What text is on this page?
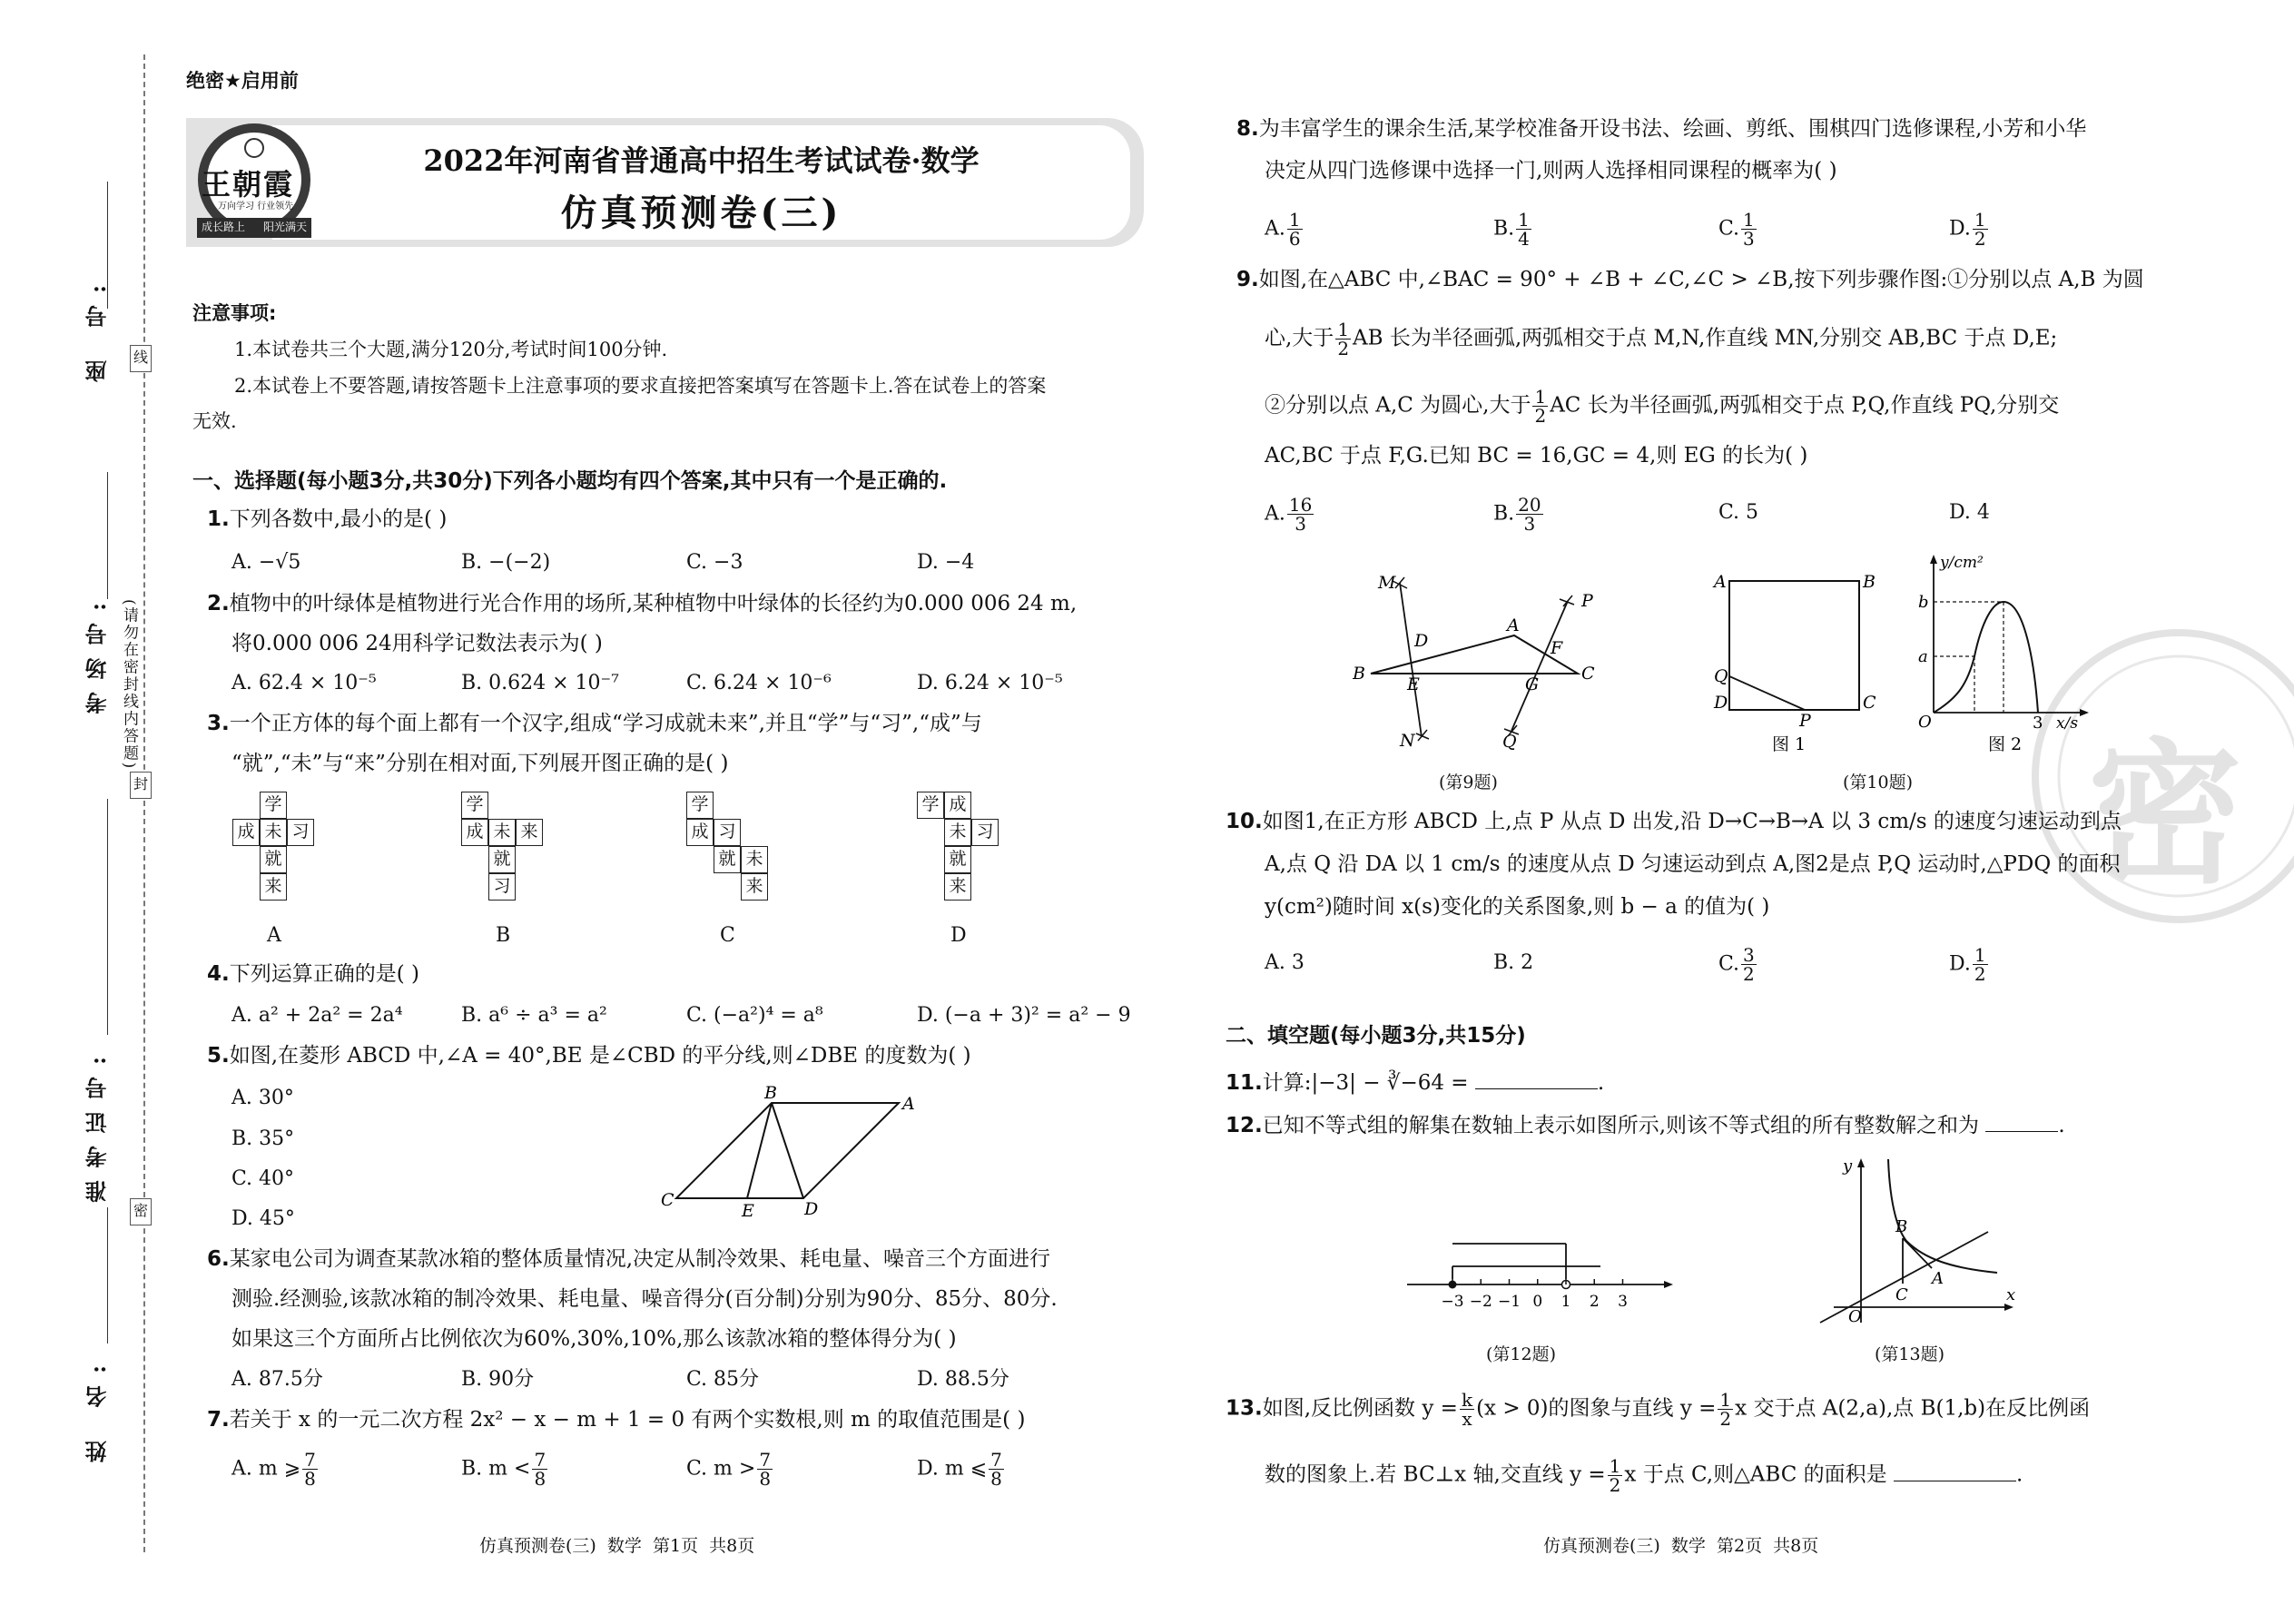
座 号: 线
考场号: (请勿在密封线内答题)
封
准考证号:
密
姓 名:
绝密★启用前
王朝霞
万向学习 行业领先
成长路上 阳光满天
2022年河南省普通高中招生考试试卷·数学
仿真预测卷(三)
注意事项:
1.本试卷共三个大题,满分120分,考试时间100分钟.
2.本试卷上不要答题,请按答题卡上注意事项的要求直接把答案填写在答题卡上.答在试卷上的答案
无效.
一、选择题(每小题3分,共30分)下列各小题均有四个答案,其中只有一个是正确的.
1.下列各数中,最小的是( )
A. −√5	B. −(−2)	C. −3	D. −4
2.植物中的叶绿体是植物进行光合作用的场所,某种植物中叶绿体的长径约为0.000 006 24 m,
将0.000 006 24用科学记数法表示为( )
A. 62.4 × 10⁻⁵	B. 0.624 × 10⁻⁷	C. 6.24 × 10⁻⁶	D. 6.24 × 10⁻⁵
3.一个正方体的每个面上都有一个汉字,组成“学习成就未来”,并且“学”与“习”,“成”与
“就”,“未”与“来”分别在相对面,下列展开图正确的是( )
学
成 未 习
就
来
学
成 未 来
就
习
学
成 习
就 未
来
学 成
未 习
就
来
A	B	C	D
4.下列运算正确的是( )
A. a² + 2a² = 2a⁴	B. a⁶ ÷ a³ = a²	C. (−a²)⁴ = a⁸	D. (−a + 3)² = a² − 9
5.如图,在菱形 ABCD 中,∠A = 40°,BE 是∠CBD 的平分线,则∠DBE 的度数为( )
A. 30°
B. 35°
C. 40°
D. 45°
B
A
C
E	D
6.某家电公司为调查某款冰箱的整体质量情况,决定从制冷效果、耗电量、噪音三个方面进行
测验.经测验,该款冰箱的制冷效果、耗电量、噪音得分(百分制)分别为90分、85分、80分.
如果这三个方面所占比例依次为60%,30%,10%,那么该款冰箱的整体得分为( )
A. 87.5分	B. 90分	C. 85分	D. 88.5分
7.若关于 x 的一元二次方程 2x² − x − m + 1 = 0 有两个实数根,则 m 的取值范围是( )
A. m ⩾ $\frac{7}{8}$	B. $m < \frac{7}{8}$	C. $m > \frac{7}{8}$	D. m ⩽ $\frac{7}{8}$
仿真预测卷(三)  数学  第1页  共8页
密
8.为丰富学生的课余生活,某学校准备开设书法、绘画、剪纸、围棋四门选修课程,小芳和小华
决定从四门选修课中选择一门,则两人选择相同课程的概率为( )
A. $\frac{1}{6}$	B. $\frac{1}{4}$	C. $\frac{1}{3}$	D. $\frac{1}{2}$
9.如图,在△ABC 中,∠BAC = 90° + ∠B + ∠C,∠C > ∠B,按下列步骤作图:①分别以点 A,B 为圆
心,大于 $\frac{1}{2}$ AB 长为半径画弧,两弧相交于点 M,N,作直线 MN,分别交 AB,BC 于点 D,E;
②分别以点 A,C 为圆心,大于 $\frac{1}{2}$ AC 长为半径画弧,两弧相交于点 P,Q,作直线 PQ,分别交
AC,BC 于点 F,G.已知 BC = 16,GC = 4,则 EG 的长为( )
A. $\frac{16}{3}$	B. $\frac{20}{3}$	C. 5	D. 4
M
N
P
Q
A
B	C
D
E
F
G
(第9题)
A	B
C
D
Q
P
图 1
y/cm²
b
a
O	3 x/s
图 2
(第10题)
10.如图1,在正方形 ABCD 上,点 P 从点 D 出发,沿 D→C→B→A 以 3 cm/s 的速度匀速运动到点
A,点 Q 沿 DA 以 1 cm/s 的速度从点 D 匀速运动到点 A,图2是点 P,Q 运动时,△PDQ 的面积
y(cm²)随时间 x(s)变化的关系图象,则 b − a 的值为( )
A. 3	B. 2	C. $\frac{3}{2}$	D. $\frac{1}{2}$
二、填空题(每小题3分,共15分)
11.计算:|−3| − ∛−64 =	.
12.已知不等式组的解集在数轴上表示如图所示,则该不等式组的所有整数解之和为	.
−3 −2 −1 0 1 2 3
(第12题)
y
x
O
B
A
C
(第13题)
13.如图,反比例函数 $y = \frac{k}{x} (x > 0)$的图象与直线 $y = \frac{1}{2}$ x 交于点 A(2,a),点 B(1,b)在反比例函
数的图象上.若 BC⊥x 轴,交直线 $y = \frac{1}{2}$ x 于点 C,则△ABC 的面积是	.
仿真预测卷(三)  数学  第2页  共8页
